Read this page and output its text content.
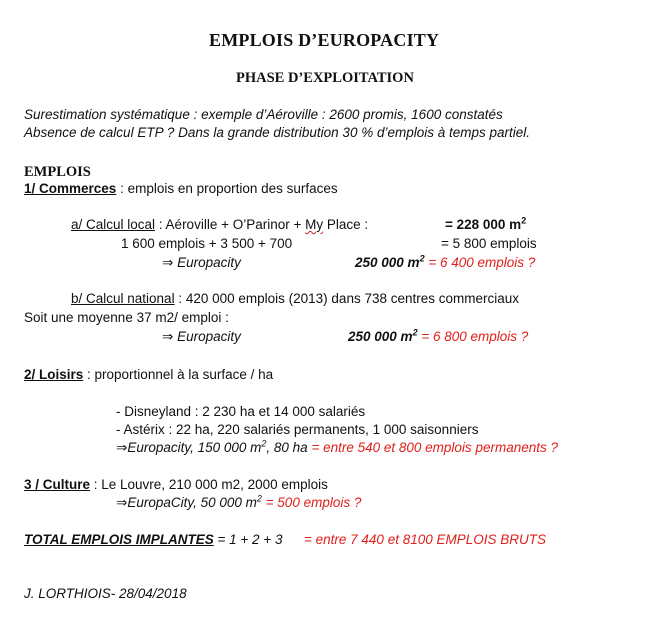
EMPLOIS D’EUROPACITY
PHASE D’EXPLOITATION
Surestimation systématique : exemple d’Aéroville : 2600 promis, 1600 constatés
Absence de calcul ETP ? Dans la grande distribution 30 % d’emplois à temps partiel.
EMPLOIS
1/ Commerces : emplois en proportion des surfaces
a/ Calcul local : Aéroville + O’Parinor + My Place :	= 228 000 $m^2$
1 600 emplois + 3 500 + 700	= 5 800 emplois
⇒ Europacity	250 000 $m^2 = 6$ 400 emplois ?
b/ Calcul national : 420 000 emplois (2013) dans 738 centres commerciaux
Soit une moyenne 37 m2/ emploi :
⇒ Europacity	250 000 $m^2 = 6$ 800 emplois ?
2/ Loisirs : proportionnel à la surface / ha
- Disneyland : 2 230 ha et 14 000 salariés
- Astérix : 22 ha, 220 salariés permanents, 1 000 saisonniers
⇒Europacity, 150 000 $m^2$, 80 ha = entre 540 et 800 emplois permanents ?
3 / Culture : Le Louvre, 210 000 m2, 2000 emplois
⇒EuropaCity, 50 000 $m^2 = 500$ emplois ?
TOTAL EMPLOIS IMPLANTES = 1 + 2 + 3 = entre 7 440 et 8100 EMPLOIS BRUTS
J. LORTHIOIS- 28/04/2018
